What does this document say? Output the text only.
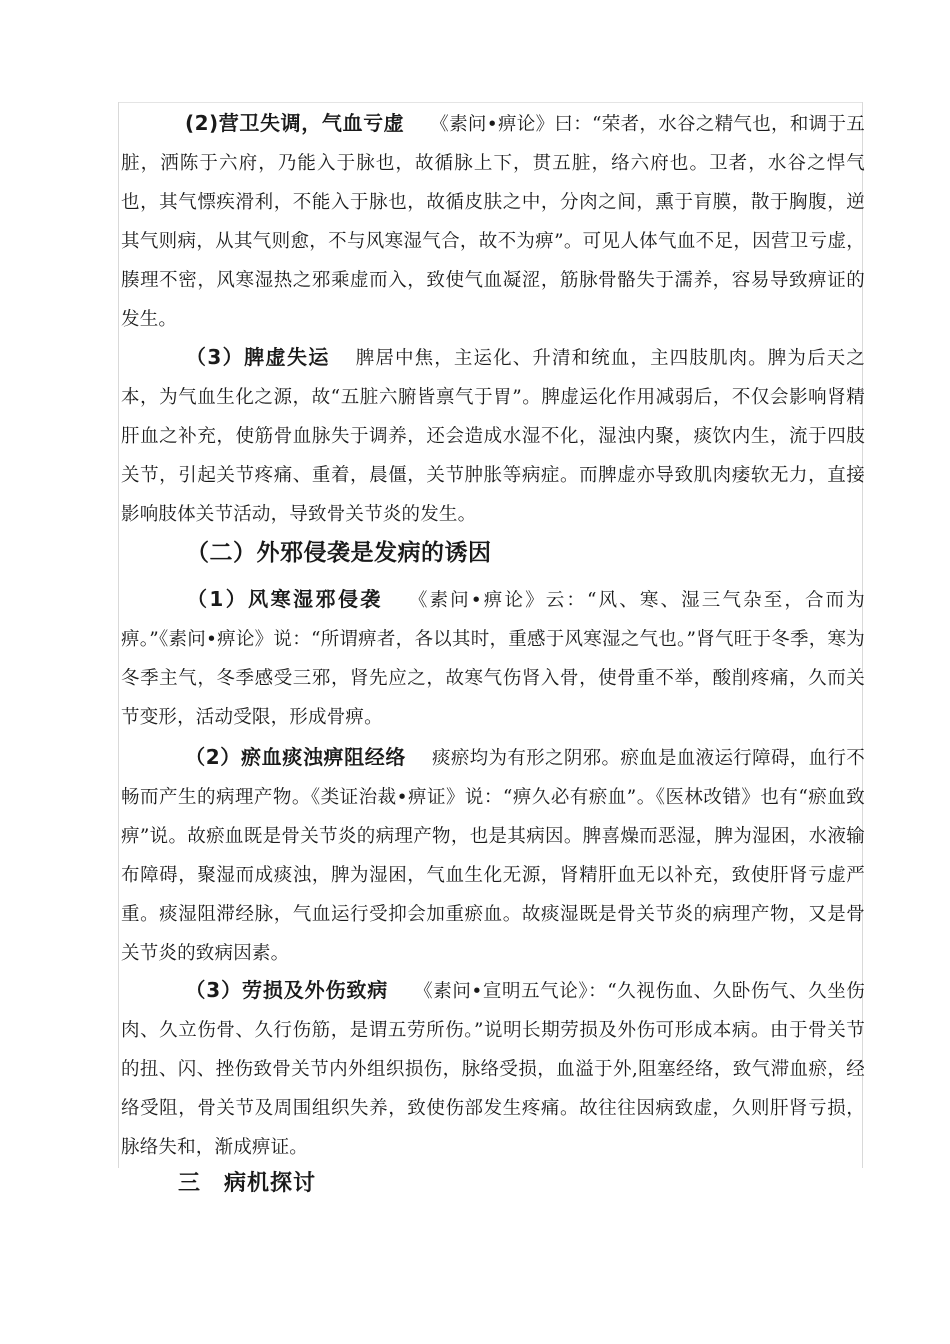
(2)营卫失调，气血亏虚 《素问•痹论》曰：“荣者，水谷之精气也，和调于五脏，洒陈于六府，乃能入于脉也，故循脉上下，贯五脏，络六府也。卫者，水谷之悍气也，其气慓疾滑利，不能入于脉也，故循皮肤之中，分肉之间，熏于肓膜，散于胸腹，逆其气则病，从其气则愈，不与风寒湿气合，故不为痹”。可见人体气血不足，因营卫亏虚，腠理不密，风寒湿热之邪乘虚而入，致使气血凝涩，筋脉骨骼失于濡养，容易导致痹证的发生。
（3）脾虚失运 脾居中焦，主运化、升清和统血，主四肢肌肉。脾为后天之本，为气血生化之源，故“五脏六腑皆禀气于胃”。脾虚运化作用减弱后，不仅会影响肾精肝血之补充，使筋骨血脉失于调养，还会造成水湿不化，湿浊内聚，痰饮内生，流于四肢关节，引起关节疼痛、重着，晨僵，关节肿胀等病症。而脾虚亦导致肌肉痿软无力，直接影响肢体关节活动，导致骨关节炎的发生。
（二）外邪侵袭是发病的诱因
（1）风寒湿邪侵袭 《素问•痹论》云：“风、寒、湿三气杂至，合而为痹。”《素问•痹论》说：“所谓痹者，各以其时，重感于风寒湿之气也。”肾气旺于冬季，寒为冬季主气，冬季感受三邪，肾先应之，故寒气伤肾入骨，使骨重不举，酸削疼痛，久而关节变形，活动受限，形成骨痹。
（2）瘀血痰浊痹阻经络 痰瘀均为有形之阴邪。瘀血是血液运行障碍，血行不畅而产生的病理产物。《类证治裁•痹证》说：“痹久必有瘀血”。《医林改错》也有“瘀血致痹”说。故瘀血既是骨关节炎的病理产物，也是其病因。脾喜燥而恶湿，脾为湿困，水液输布障碍，聚湿而成痰浊，脾为湿困，气血生化无源，肾精肝血无以补充，致使肝肾亏虚严重。痰湿阻滞经脉，气血运行受抑会加重瘀血。故痰湿既是骨关节炎的病理产物，又是骨关节炎的致病因素。
（3）劳损及外伤致病 《素问•宣明五气论》：“久视伤血、久卧伤气、久坐伤肉、久立伤骨、久行伤筋，是谓五劳所伤。”说明长期劳损及外伤可形成本病。由于骨关节的扭、闪、挫伤致骨关节内外组织损伤，脉络受损，血溢于外,阻塞经络，致气滞血瘀，经络受阻，骨关节及周围组织失养，致使伤部发生疼痛。故往往因病致虚，久则肝肾亏损，脉络失和，渐成痹证。
三　病机探讨
